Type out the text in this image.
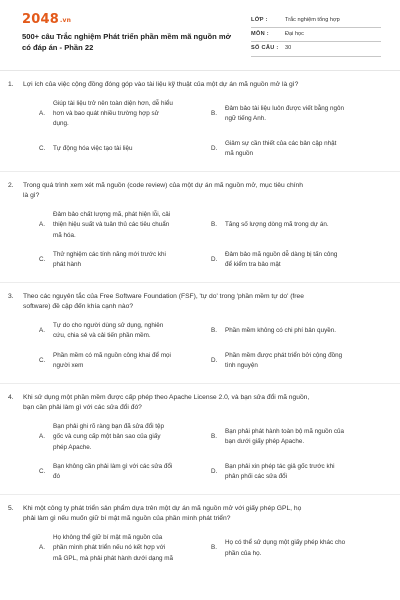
2048.vn
500+ câu Trắc nghiệm Phát triển phần mềm mã nguồn mở có đáp án - Phần 22
LỚP :	Trắc nghiệm tổng hợp
MÔN :	Đại học
SỐ CÂU : 30
1. Lợi ích của việc cộng đồng đóng góp vào tài liệu kỹ thuật của một dự án mã nguồn mở là gì?
A.
Giúp tài liệu trở nên toàn diện hơn, dễ hiểu
hơn và bao quát nhiều trường hợp sử
dụng.
B.
Đảm bảo tài liệu luôn được viết bằng ngôn
ngữ tiếng Anh.
C. Tự động hóa việc tạo tài liệu	D.
Giảm sự cần thiết của các bản cập nhật
mã nguồn
2. Trong quá trình xem xét mã nguồn (code review) của một dự án mã nguồn mở, mục tiêu chính
là gì?
A.
Đảm bảo chất lượng mã, phát hiện lỗi, cải
thiện hiệu suất và tuân thủ các tiêu chuẩn
mã hóa.
B. Tăng số lượng dòng mã trong dự án.
C.
Thử nghiệm các tính năng mới trước khi
phát hành
D.
Đảm bảo mã nguồn dễ dàng bị tấn công
để kiểm tra bảo mật
3. Theo các nguyên tắc của Free Software Foundation (FSF), 'tự do' trong 'phần mềm tự do' (free
software) đề cập đến khía cạnh nào?
A.
Tự do cho người dùng sử dụng, nghiên
cứu, chia sẻ và cải tiến phần mềm.
B. Phần mềm không có chi phí bản quyền.
C.
Phần mềm có mã nguồn công khai để mọi
người xem
D.
Phần mềm được phát triển bởi cộng đồng
tình nguyện
4. Khi sử dụng một phần mềm được cấp phép theo Apache License 2.0, và bạn sửa đổi mã nguồn,
bạn cần phải làm gì với các sửa đổi đó?
A.
Bạn phải ghi rõ ràng bạn đã sửa đổi tệp
gốc và cung cấp một bản sao của giấy
phép Apache.
B.
Bạn phải phát hành toàn bộ mã nguồn của
bạn dưới giấy phép Apache.
C.
Bạn không cần phải làm gì với các sửa đổi
đó
D.
Bạn phải xin phép tác giả gốc trước khi
phân phối các sửa đổi
5. Khi một công ty phát triển sản phẩm dựa trên một dự án mã nguồn mở với giấy phép GPL, họ
phải làm gì nếu muốn giữ bí mật mã nguồn của phần mình phát triển?
A.
Họ không thể giữ bí mật mã nguồn của
phần mình phát triển nếu nó kết hợp với
mã GPL, mà phải phát hành dưới dạng mã
B.
Họ có thể sử dụng một giấy phép khác cho
phần của họ.
